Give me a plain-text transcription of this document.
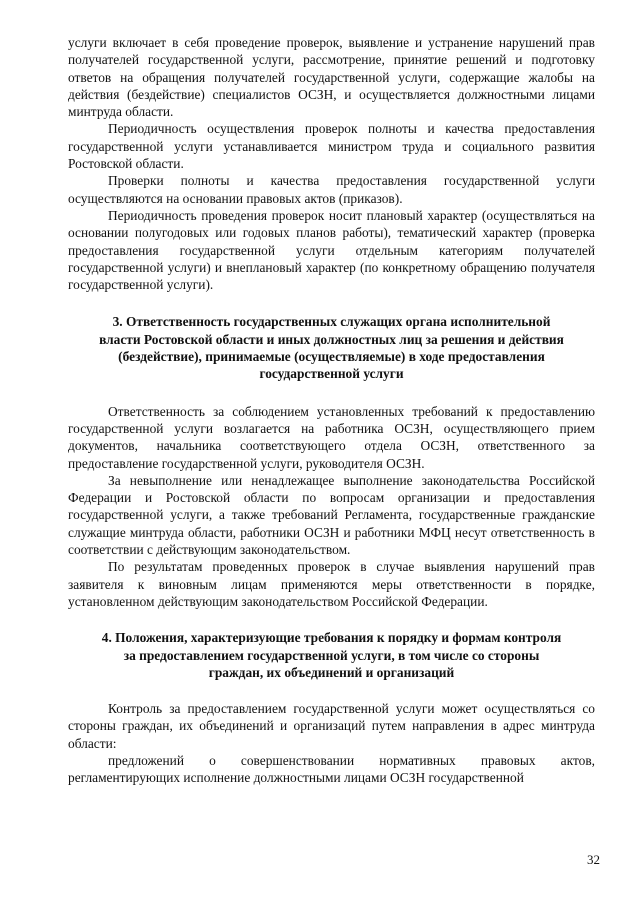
услуги включает в себя проведение проверок, выявление и устранение нарушений прав получателей государственной услуги, рассмотрение, принятие решений и подготовку ответов на обращения получателей государственной услуги, содержащие жалобы на действия (бездействие) специалистов ОСЗН, и осуществляется должностными лицами минтруда области.

Периодичность осуществления проверок полноты и качества предоставления государственной услуги устанавливается министром труда и социального развития Ростовской области.

Проверки полноты и качества предоставления государственной услуги осуществляются на основании правовых актов (приказов).

Периодичность проведения проверок носит плановый характер (осуществляться на основании полугодовых или годовых планов работы), тематический характер (проверка предоставления государственной услуги отдельным категориям получателей государственной услуги) и внеплановый характер (по конкретному обращению получателя государственной услуги).

3. Ответственность государственных служащих органа исполнительной власти Ростовской области и иных должностных лиц за решения и действия (бездействие), принимаемые (осуществляемые) в ходе предоставления государственной услуги

Ответственность за соблюдением установленных требований к предоставлению государственной услуги возлагается на работника ОСЗН, осуществляющего прием документов, начальника соответствующего отдела ОСЗН, ответственного за предоставление государственной услуги, руководителя ОСЗН.

За невыполнение или ненадлежащее выполнение законодательства Российской Федерации и Ростовской области по вопросам организации и предоставления государственной услуги, а также требований Регламента, государственные гражданские служащие минтруда области, работники ОСЗН и работники МФЦ несут ответственность в соответствии с действующим законодательством.

По результатам проведенных проверок в случае выявления нарушений прав заявителя к виновным лицам применяются меры ответственности в порядке, установленном действующим законодательством Российской Федерации.

4. Положения, характеризующие требования к порядку и формам контроля за предоставлением государственной услуги, в том числе со стороны граждан, их объединений и организаций

Контроль за предоставлением государственной услуги может осуществляться со стороны граждан, их объединений и организаций путем направления в адрес минтруда области:

предложений о совершенствовании нормативных правовых актов, регламентирующих исполнение должностными лицами ОСЗН государственной

32
